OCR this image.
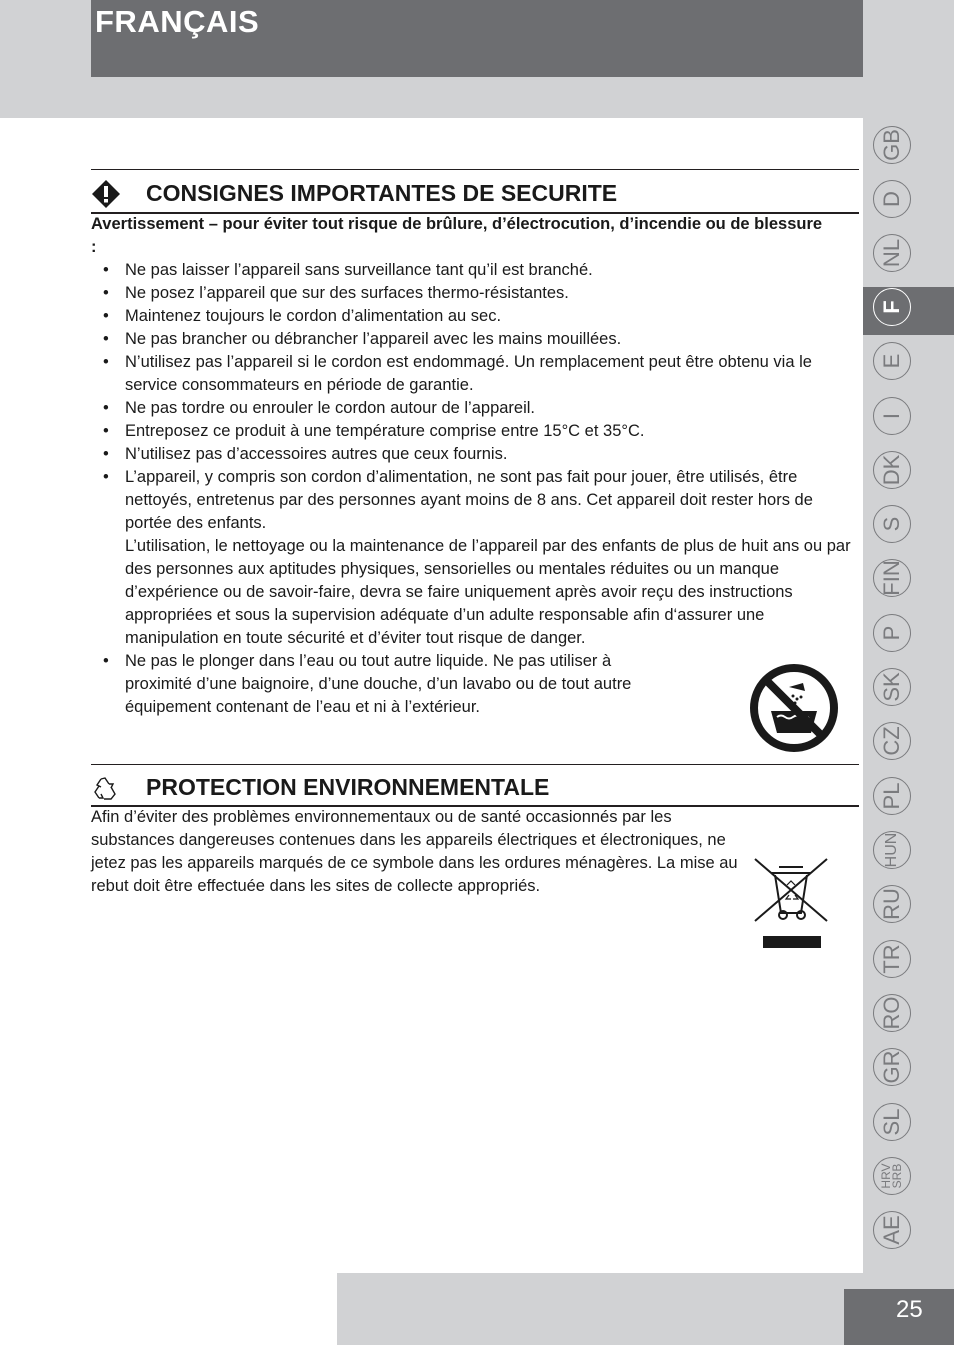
FRANÇAIS
GB
D
NL
F
E
I
DK
S
FIN
P
SK
CZ
PL
HUN
RU
TR
RO
GR
SL
HRV SRB
AE
25
CONSIGNES IMPORTANTES DE SECURITE
Avertissement – pour éviter tout risque de brûlure, d’électrocution, d’incendie ou de blessure :

• Ne pas laisser l’appareil sans surveillance tant qu’il est branché.

• Ne posez l’appareil que sur des surfaces thermo-résistantes.

• Maintenez toujours le cordon d’alimentation au sec.

• Ne pas brancher ou débrancher l’appareil avec les mains mouillées.

• N’utilisez pas l’appareil si le cordon est endommagé. Un remplacement peut être obtenu via le service consommateurs en période de garantie.

• Ne pas tordre ou enrouler le cordon autour de l’appareil.

• Entreposez ce produit à une température comprise entre 15°C et 35°C.

• N’utilisez pas d’accessoires autres que ceux fournis.

• L’appareil, y compris son cordon d’alimentation, ne sont pas fait pour jouer, être utilisés, être nettoyés, entretenus par des personnes ayant moins de 8 ans. Cet appareil doit rester hors de portée des enfants.

L’utilisation, le nettoyage ou la maintenance de l’appareil par des enfants de plus de huit ans ou par des personnes aux aptitudes physiques, sensorielles ou mentales réduites ou un manque d’expérience ou de savoir-faire, devra se faire uniquement après avoir reçu des instructions appropriées et sous la supervision adéquate d’un adulte responsable afin d‘assurer une manipulation en toute sécurité et d’éviter tout risque de danger.

• Ne pas le plonger dans l’eau ou tout autre liquide. Ne pas utiliser à proximité d’une baignoire, d’une douche, d’un lavabo ou de tout autre équipement contenant de l’eau et ni à l’extérieur.

PROTECTION ENVIRONNEMENTALE
Afin d’éviter des problèmes environnementaux ou de santé occasionnés par les substances dangereuses contenues dans les appareils électriques et électroniques, ne jetez pas les appareils marqués de ce symbole dans les ordures ménagères. La mise au rebut doit être effectuée dans les sites de collecte appropriés.
